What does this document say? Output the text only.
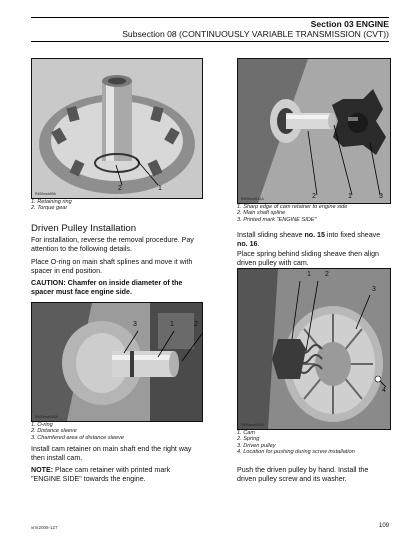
Section 03 ENGINE
Subsection 08 (CONTINUOUSLY VARIABLE TRANSMISSION (CVT))
R400motr59A
2	1
1. Retaining ring
2. Torque gear
R400motr161A	2	1	3
1. Sharp edge of cam retainer to engine side
2. Main shaft spline
3. Printed mark "ENGINE SIDE"
Driven Pulley Installation
For installation, reverse the removal procedure. Pay attention to the following details.
Place O-ring on main shaft splines and move it with spacer in end position.
CAUTION: Chamfer on inside diameter of the spacer must face engine side.
Install sliding sheave no. 15 into fixed sheave no. 16.
Place spring behind sliding sheave then align driven pulley with cam.
R400motr163A
3	1	2
1. O-ring
2. Distance sleeve
3. Chamfered area of distance sleeve
R400motr162A
1 2
3
4
1. Cam
2. Spring
3. Driven pulley
4. Location for pushing during screw installation
Install cam retainer on main shaft end the right way then install cam.
NOTE: Place cam retainer with printed mark "ENGINE SIDE" towards the engine.
Push the driven pulley by hand. Install the driven pulley screw and its washer.
vmr2006-127	109
